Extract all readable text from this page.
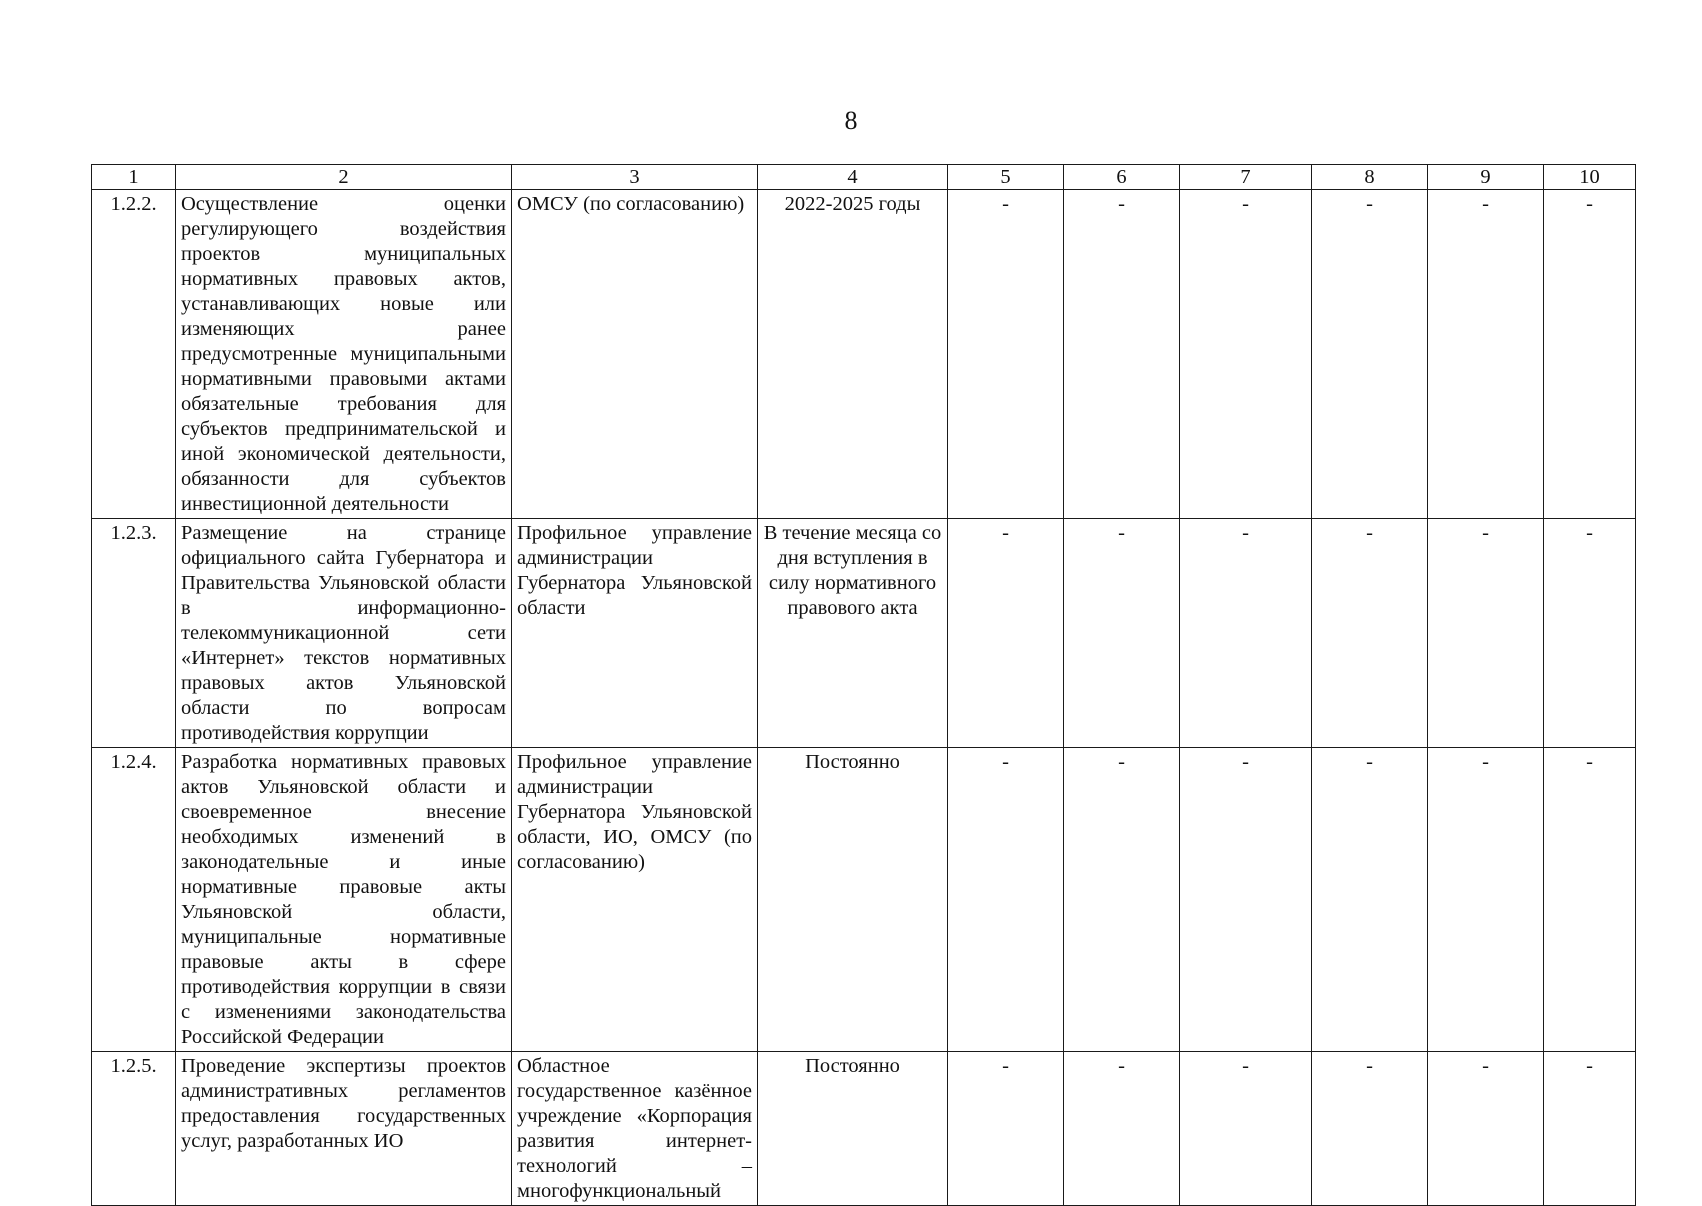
8
1	2	3	4	5	6	7	8	9	10
1.2.2.	Осуществление оценки регулирующего воздействия проектов муниципальных нормативных правовых актов, устанавливающих новые или изменяющих ранее предусмотренные муниципальными нормативными правовыми актами обязательные требования для субъектов предпринимательской и иной экономической деятельности, обязанности для субъектов инвестиционной деятельности	ОМСУ (по согласованию)	2022-2025 годы	-	-	-	-	-	-
1.2.3.	Размещение на странице официального сайта Губернатора и Правительства Ульяновской области в информационно-телекоммуникационной сети «Интернет» текстов нормативных правовых актов Ульяновской области по вопросам противодействия коррупции	Профильное управление администрации Губернатора Ульяновской области	В течение месяца со дня вступления в силу нормативного правового акта	-	-	-	-	-	-
1.2.4.	Разработка нормативных правовых актов Ульяновской области и своевременное внесение необходимых изменений в законодательные и иные нормативные правовые акты Ульяновской области, муниципальные нормативные правовые акты в сфере противодействия коррупции в связи с изменениями законодательства Российской Федерации	Профильное управление администрации Губернатора Ульяновской области, ИО, ОМСУ (по согласованию)	Постоянно	-	-	-	-	-	-
1.2.5.	Проведение экспертизы проектов административных регламентов предоставления государственных услуг, разработанных ИО	Областное государственное казённое учреждение «Корпорация развития интернет-технологий – многофункциональный	Постоянно	-	-	-	-	-	-
